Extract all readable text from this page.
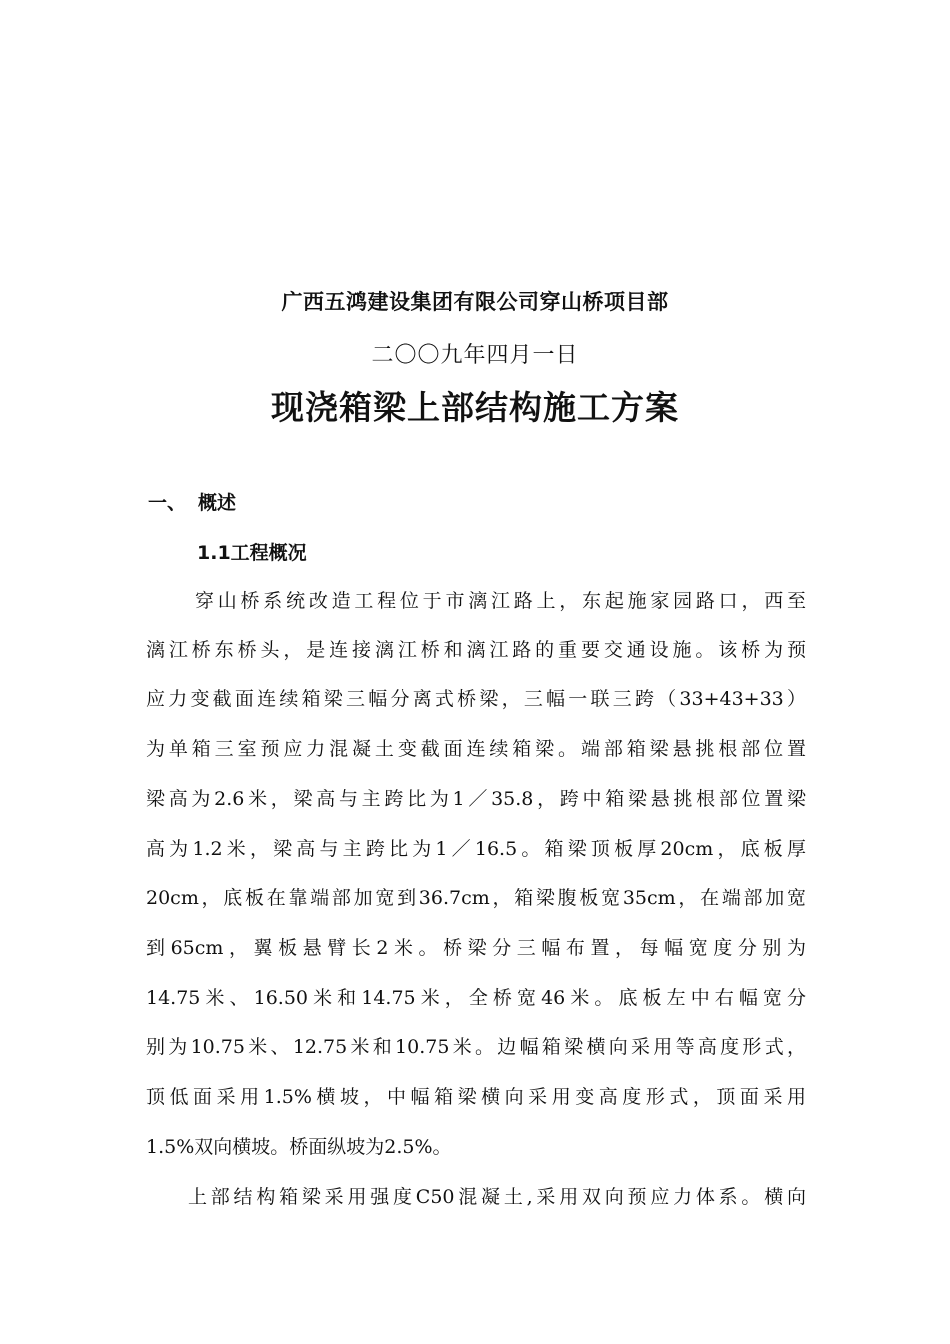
广西五鸿建设集团有限公司穿山桥项目部
二〇〇九年四月一日
现浇箱梁上部结构施工方案
一、 概述
1.1工程概况
穿山桥系统改造工程位于市漓江路上，东起施家园路口，西至
漓江桥东桥头，是连接漓江桥和漓江路的重要交通设施。该桥为预
应力变截面连续箱梁三幅分离式桥梁，三幅一联三跨（33+43+33）
为单箱三室预应力混凝土变截面连续箱梁。端部箱梁悬挑根部位置
梁高为2.6米，梁高与主跨比为1／35.8，跨中箱梁悬挑根部位置梁
高为1.2米，梁高与主跨比为1／16.5。箱梁顶板厚20cm，底板厚
20cm，底板在靠端部加宽到36.7cm，箱梁腹板宽35cm，在端部加宽
到65cm，翼板悬臂长2米。桥梁分三幅布置，每幅宽度分别为
14.75米、16.50米和14.75米，全桥宽46米。底板左中右幅宽分
别为10.75米、12.75米和10.75米。边幅箱梁横向采用等高度形式，
顶低面采用1.5%横坡，中幅箱梁横向采用变高度形式，顶面采用
1.5%双向横坡。桥面纵坡为2.5%。
上部结构箱梁采用强度C50混凝土,采用双向预应力体系。横向
